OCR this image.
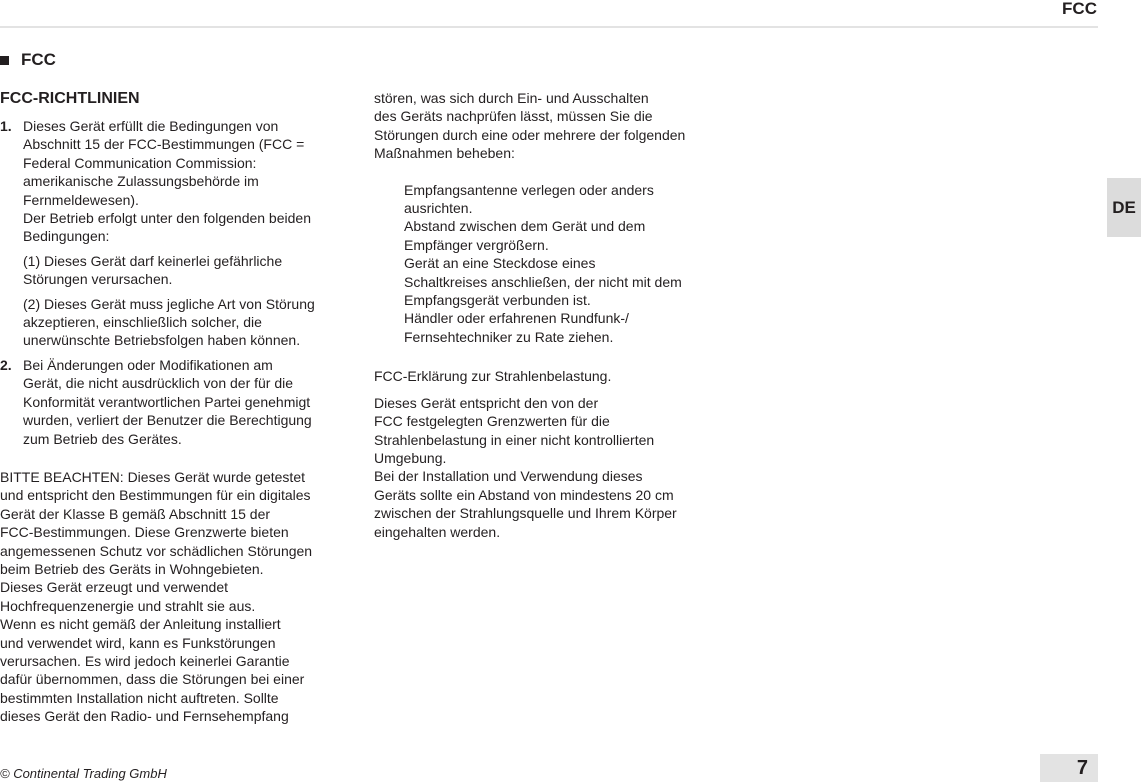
FCC
FCC
DE
FCC-RICHTLINIEN
1. Dieses Gerät erfüllt die Bedingungen von
Abschnitt 15 der FCC-Bestimmungen (FCC =
Federal Communication Commission:
amerikanische Zulassungsbehörde im
Fernmeldewesen).
Der Betrieb erfolgt unter den folgenden beiden
Bedingungen:

(1) Dieses Gerät darf keinerlei gefährliche
Störungen verursachen.

(2) Dieses Gerät muss jegliche Art von Störung
akzeptieren, einschließlich solcher, die
unerwünschte Betriebsfolgen haben können.

2. Bei Änderungen oder Modifikationen am
Gerät, die nicht ausdrücklich von der für die
Konformität verantwortlichen Partei genehmigt
wurden, verliert der Benutzer die Berechtigung
zum Betrieb des Gerätes.

BITTE BEACHTEN: Dieses Gerät wurde getestet
und entspricht den Bestimmungen für ein digitales
Gerät der Klasse B gemäß Abschnitt 15 der
FCC-Bestimmungen. Diese Grenzwerte bieten
angemessenen Schutz vor schädlichen Störungen
beim Betrieb des Geräts in Wohngebieten.
Dieses Gerät erzeugt und verwendet
Hochfrequenzenergie und strahlt sie aus.
Wenn es nicht gemäß der Anleitung installiert
und verwendet wird, kann es Funkstörungen
verursachen. Es wird jedoch keinerlei Garantie
dafür übernommen, dass die Störungen bei einer
bestimmten Installation nicht auftreten. Sollte
dieses Gerät den Radio- und Fernsehempfang

stören, was sich durch Ein- und Ausschalten
des Geräts nachprüfen lässt, müssen Sie die
Störungen durch eine oder mehrere der folgenden
Maßnahmen beheben:

Empfangsantenne verlegen oder anders
ausrichten.

Abstand zwischen dem Gerät und dem
Empfänger vergrößern.

Gerät an eine Steckdose eines
Schaltkreises anschließen, der nicht mit dem
Empfangsgerät verbunden ist.

Händler oder erfahrenen Rundfunk-/
Fernsehtechniker zu Rate ziehen.

FCC-Erklärung zur Strahlenbelastung.

Dieses Gerät entspricht den von der
FCC festgelegten Grenzwerten für die
Strahlenbelastung in einer nicht kontrollierten
Umgebung.
Bei der Installation und Verwendung dieses
Geräts sollte ein Abstand von mindestens 20 cm
zwischen der Strahlungsquelle und Ihrem Körper
eingehalten werden.

© Continental Trading GmbH	7
